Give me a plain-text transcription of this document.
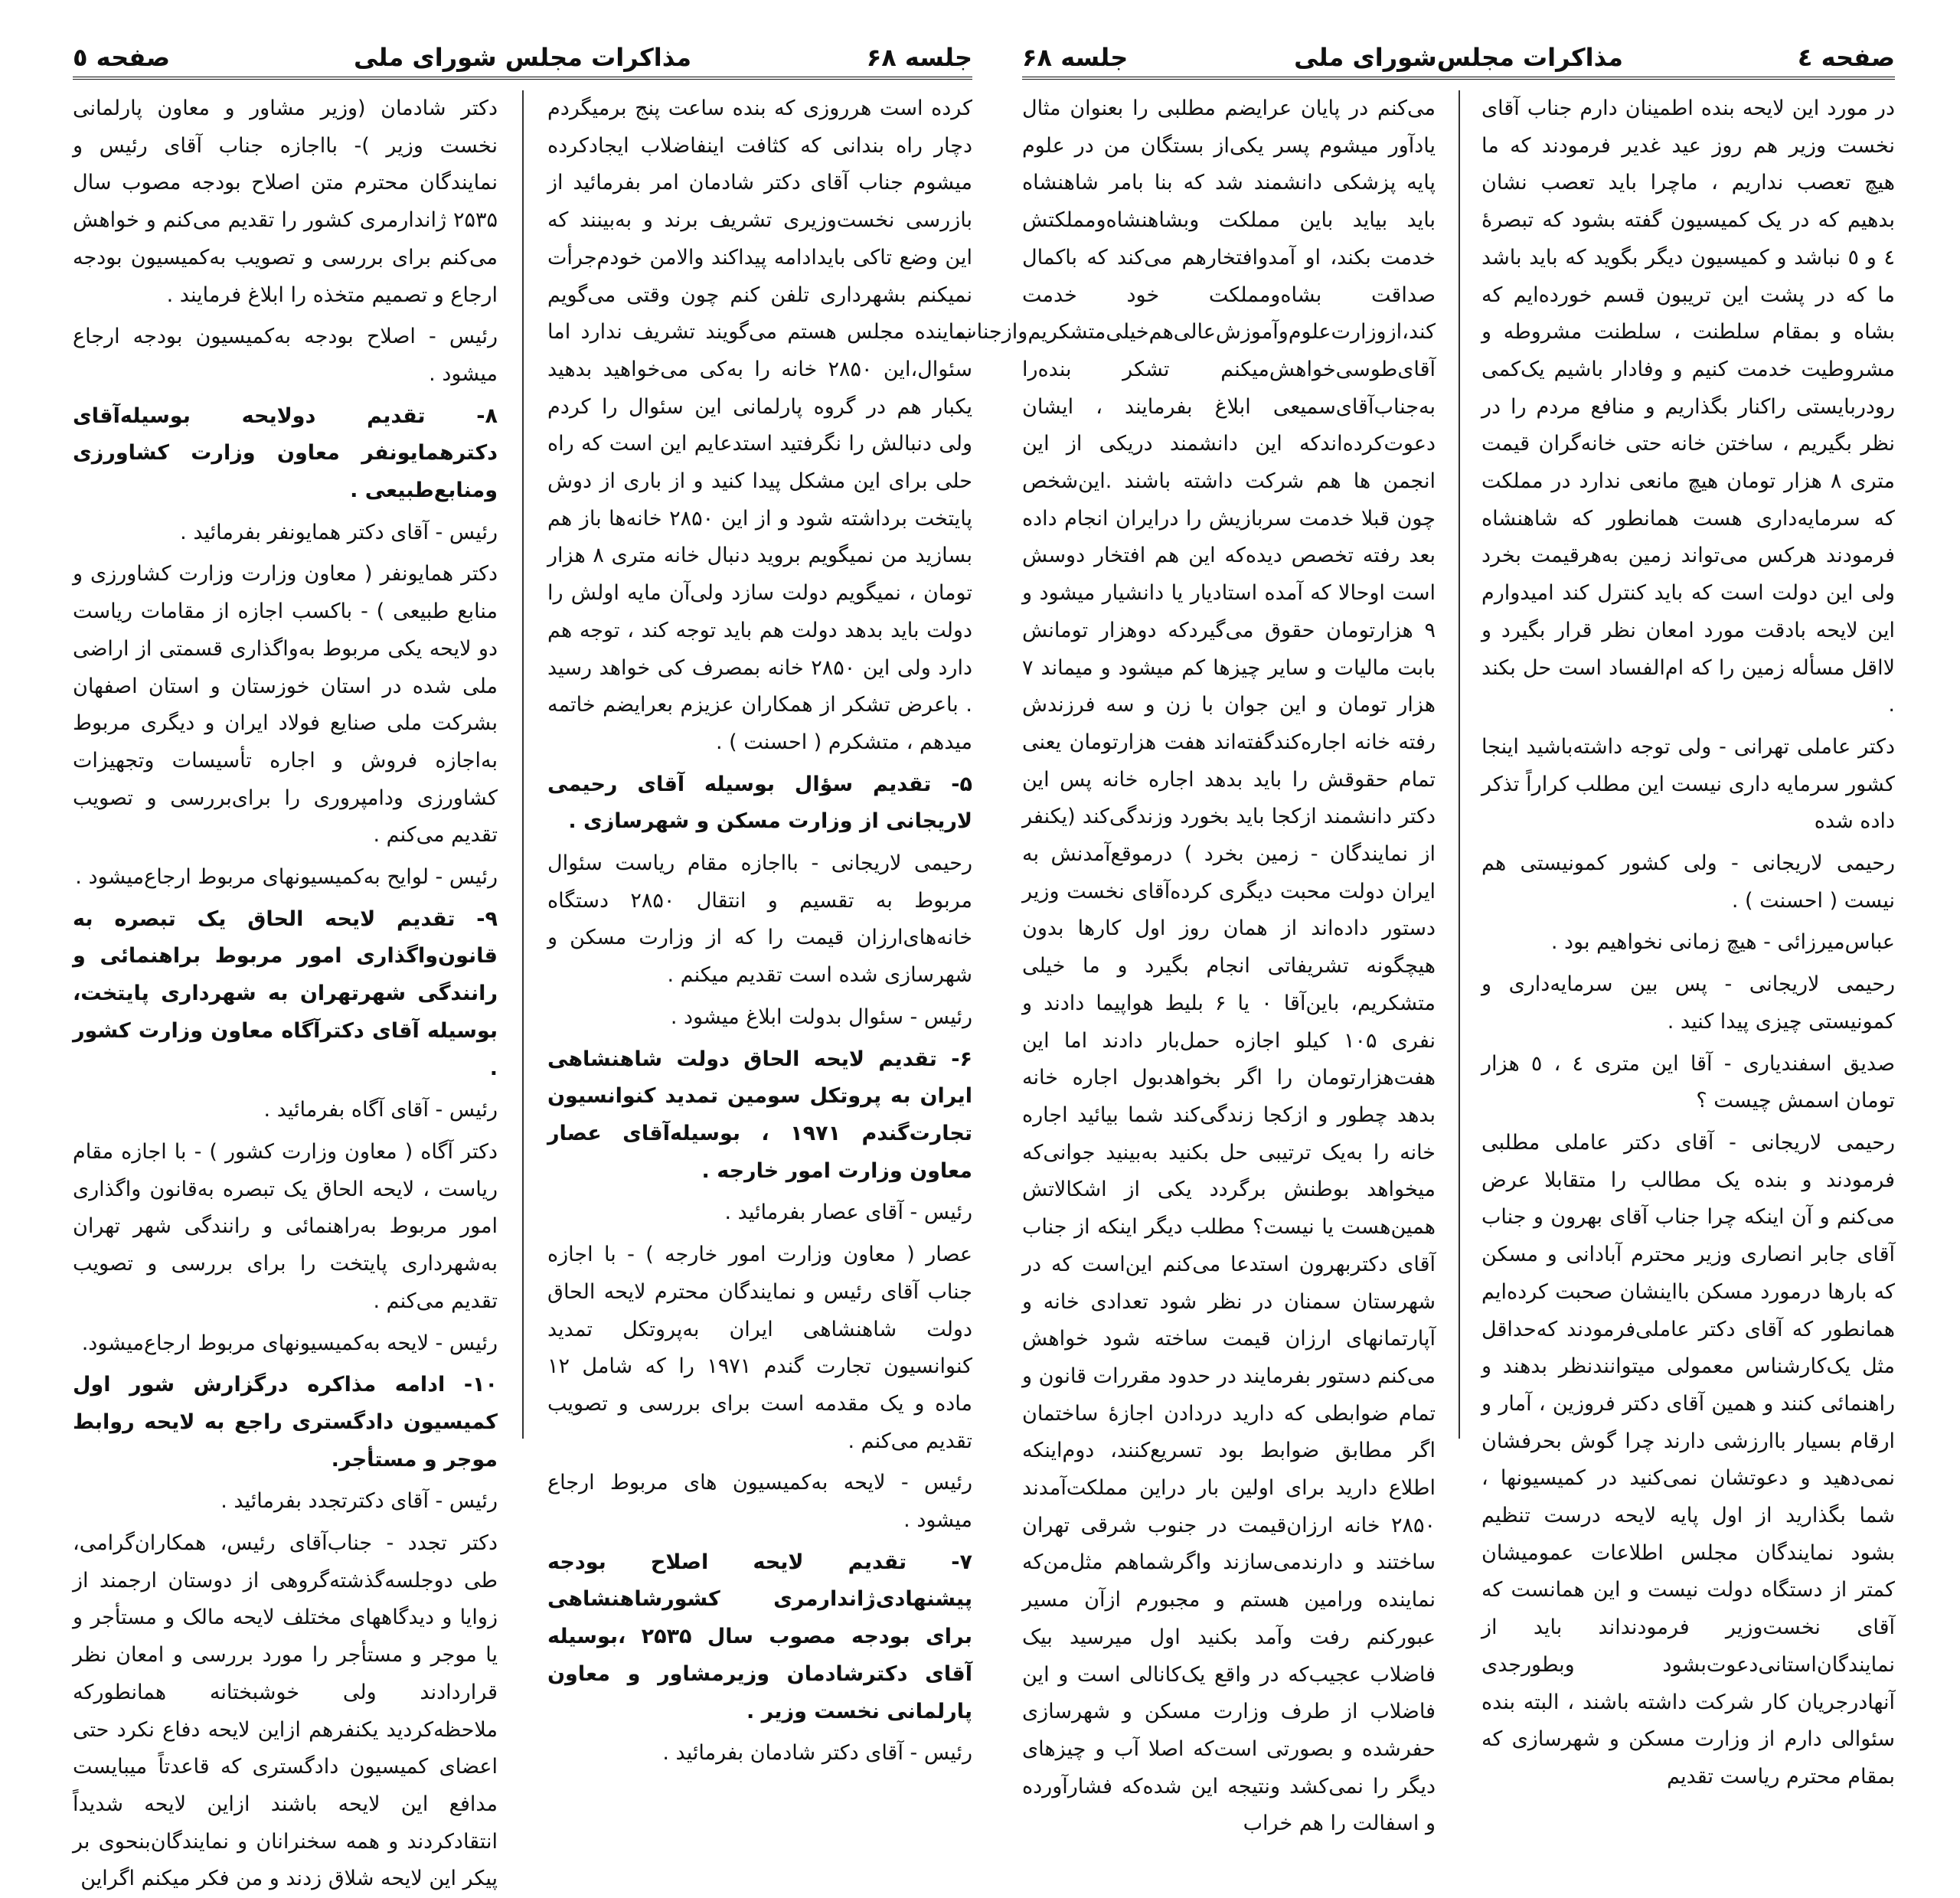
جلسه ۶۸
مذاکرات مجلس شورای ملی
صفحه ٥

کرده است هرروزی که بنده ساعت پنج برمیگردم دچار راه بندانی که کثافت اینفاضلاب ایجادکرده میشوم جناب آقای دکتر شادمان امر بفرمائید از بازرسی نخست‌وزیری تشریف برند و به‌بینند که این وضع تاکی بایدادامه پیداکند والامن خودم‌جرأت نمیکنم بشهرداری تلفن کنم چون وقتی می‌گویم نماینده مجلس هستم می‌گویند تشریف ندارد اما سئوال،این ۲۸۵۰ خانه را به‌کی می‌خواهید بدهید یکبار هم در گروه پارلمانی این سئوال را کردم ولی دنبالش را نگرفتید استدعایم این است که راه حلی برای این مشکل پیدا کنید و از باری از دوش پایتخت برداشته شود و از این ۲۸۵۰ خانه‌ها باز هم بسازید من نمیگویم بروید دنبال خانه متری ۸ هزار تومان ، نمیگویم دولت سازد ولی‌آن مایه اولش را دولت باید بدهد دولت هم باید توجه کند ، توجه هم دارد ولی این ۲۸۵۰ خانه بمصرف کی خواهد رسید . باعرض تشکر از همکاران عزیزم بعرایضم خاتمه میدهم ، متشکرم ( احسنت ) .

۵- تقدیم سؤال بوسیله آقای رحیمی لاریجانی از وزارت مسکن و شهرسازی .

رحیمی لاریجانی - بااجازه مقام ریاست سئوال مربوط به تقسیم و انتقال ۲۸۵۰ دستگاه خانه‌های‌ارزان قیمت را که از وزارت مسکن و شهرسازی شده است تقدیم میکنم .

رئیس - سئوال بدولت ابلاغ میشود .

۶- تقدیم لایحه الحاق دولت شاهنشاهی ایران به پروتکل سومین تمدید کنوانسیون تجارت‌گندم ۱۹۷۱ ، بوسیله‌آقای عصار معاون وزارت امور خارجه .

رئیس - آقای عصار بفرمائید .

عصار ( معاون وزارت امور خارجه ) - با اجازه جناب آقای رئیس و نمایندگان محترم لایحه الحاق دولت شاهنشاهی ایران به‌پروتکل تمدید کنوانسیون تجارت گندم ۱۹۷۱ را که شامل ۱۲ ماده و یک مقدمه است برای بررسی و تصویب تقدیم می‌کنم .

رئیس - لایحه به‌کمیسیون های مربوط ارجاع میشود .

۷- تقدیم لایحه اصلاح بودجه پیشنهادی‌ژاندارمری کشورشاهنشاهی برای بودجه مصوب سال ۲۵۳۵ ،بوسیله آقای دکترشادمان وزیرمشاور و معاون پارلمانی نخست وزیر .

رئیس - آقای دکتر شادمان بفرمائید .

دکتر شادمان (وزیر مشاور و معاون پارلمانی نخست وزیر )- بااجازه جناب آقای رئیس و نمایندگان محترم متن اصلاح بودجه مصوب سال ۲۵۳۵ ژاندارمری کشور را تقدیم می‌کنم و خواهش می‌کنم برای بررسی و تصویب به‌کمیسیون بودجه ارجاع و تصمیم متخذه را ابلاغ فرمایند .

رئیس - اصلاح بودجه به‌کمیسیون بودجه ارجاع میشود .

۸- تقدیم دولایحه بوسیله‌آقای دکترهمایونفر معاون وزارت کشاورزی ومنابع‌طبیعی .

رئیس - آقای دکتر همایونفر بفرمائید .

دکتر همایونفر ( معاون وزارت وزارت کشاورزی و منابع طبیعی ) - باکسب اجازه از مقامات ریاست دو لایحه یکی مربوط به‌واگذاری قسمتی از اراضی ملی شده در استان خوزستان و استان اصفهان بشرکت ملی صنایع فولاد ایران و دیگری مربوط به‌اجازه فروش و اجاره تأسیسات وتجهیزات کشاورزی ودامپروری را برای‌بررسی و تصویب تقدیم می‌کنم .

رئیس - لوایح به‌کمیسیونهای مربوط ارجاع‌میشود .

۹- تقدیم لایحه الحاق یک تبصره به قانون‌واگذاری امور مربوط براهنمائی و رانندگی شهرتهران به شهرداری پایتخت، بوسیله آقای دکترآگاه معاون وزارت کشور .

رئیس - آقای آگاه بفرمائید .

دکتر آگاه ( معاون وزارت کشور ) - با اجازه مقام ریاست ، لایحه الحاق یک تبصره به‌قانون واگذاری امور مربوط به‌راهنمائی و رانندگی شهر تهران به‌شهرداری پایتخت را برای بررسی و تصویب تقدیم می‌کنم .

رئیس - لایحه به‌کمیسیونهای مربوط ارجاع‌میشود.

۱۰- ادامه مذاکره درگزارش شور اول کمیسیون دادگستری راجع به لایحه روابط موجر و مستأجر.

رئیس - آقای دکترتجدد بفرمائید .

دکتر تجدد - جناب‌آقای رئیس، همکاران‌گرامی، طی دوجلسه‌گذشته‌گروهی از دوستان ارجمند از زوایا و دیدگاههای مختلف لایحه مالک و مستأجر و یا موجر و مستأجر را مورد بررسی و امعان نظر قراردادند ولی خوشبختانه همانطورکه ملاحظه‌کردید یکنفرهم ازاین لایحه دفاع نکرد حتی اعضای کمیسیون دادگستری که قاعدتاً میبایست مدافع این لایحه باشند ازاین لایحه شدیداً انتقادکردند و همه سخنرانان و نمایندگان‌بنحوی بر پیکر این لایحه شلاق زدند و من فکر میکنم اگراین

صفحه ٤
مذاکرات مجلس‌شورای ملی
جلسه ۶۸

در مورد این لایحه بنده اطمینان دارم جناب آقای نخست وزیر هم روز عید غدیر فرمودند که ما هیچ تعصب نداریم ، ماچرا باید تعصب نشان بدهیم که در یک کمیسیون گفته بشود که تبصرهٔ ٤ و ٥ نباشد و کمیسیون دیگر بگوید که باید باشد ما که در پشت این تریبون قسم خورده‌ایم که بشاه و بمقام سلطنت ، سلطنت مشروطه و مشروطیت خدمت کنیم و وفادار باشیم یک‌کمی رودربایستی راکنار بگذاریم و منافع مردم را در نظر بگیریم ، ساختن خانه حتی خانه‌گران قیمت متری ۸ هزار تومان هیچ مانعی ندارد در مملکت که سرمایه‌داری هست همانطور که شاهنشاه فرمودند هرکس می‌تواند زمین به‌هرقیمت بخرد ولی این دولت است که باید کنترل کند امیدوارم این لایحه بادقت مورد امعان نظر قرار بگیرد و لااقل مسأله زمین را که ام‌الفساد است حل بکند .

دکتر عاملی تهرانی - ولی توجه داشته‌باشید اینجا کشور سرمایه داری نیست این مطلب کراراً تذکر داده شده

رحیمی لاریجانی - ولی کشور کمونیستی هم نیست ( احسنت ) .

عباس‌میرزائی - هیچ زمانی نخواهیم بود .

رحیمی لاریجانی - پس بین سرمایه‌داری و کمونیستی چیزی پیدا کنید .

صدیق اسفندیاری - آقا این متری ٤ ، ٥ هزار تومان اسمش چیست ؟

رحیمی لاریجانی - آقای دکتر عاملی مطلبی فرمودند و بنده یک مطالب را متقابلا عرض می‌کنم و آن اینکه چرا جناب آقای بهرون و جناب آقای جابر انصاری وزیر محترم آبادانی و مسکن که بارها درمورد مسکن بااینشان صحبت کرده‌ایم همانطور که آقای دکتر عاملی‌فرمودند که‌حداقل مثل یک‌کارشناس معمولی میتوانندنظر بدهند و راهنمائی کنند و همین آقای دکتر فروزین ، آمار و ارقام بسیار باارزشی دارند چرا گوش بحرفشان نمی‌دهید و دعوتشان نمی‌کنید در کمیسیونها ، شما بگذارید از اول پایه لایحه درست تنظیم بشود نمایندگان مجلس اطلاعات عمومیشان کمتر از دستگاه دولت نیست و این همانست که آقای نخست‌وزیر فرمودنداند باید از نمایندگان‌استانی‌دعوت‌بشود وبطورجدی آنهادرجریان کار شرکت داشته باشند ، البته بنده سئوالی دارم از وزارت مسکن و شهرسازی که بمقام محترم ریاست تقدیم

می‌کنم در پایان عرایضم مطلبی را بعنوان مثال یادآور میشوم پسر یکی‌از بستگان من در علوم پایه پزشکی دانشمند شد که بنا بامر شاهنشاه باید بیاید باین مملکت وبشاهنشاه‌ومملکتش خدمت بکند، او آمد‌وافتخارهم می‌کند که باکمال صداقت بشاه‌ومملکت خود خدمت کند،ازوزارت‌علوم‌وآموزش‌عالی‌هم‌خیلی‌متشکریم‌وازجناب آقای‌طوسی‌خواهش‌میکنم تشکر بنده‌را به‌جناب‌آقای‌سمیعی ابلاغ بفرمایند ، ایشان دعوت‌کرده‌اندکه این دانشمند دریکی از این انجمن ها هم شرکت داشته باشند .این‌شخص چون قبلا خدمت سربازیش را درایران انجام داده بعد رفته تخصص دیده‌که این هم افتخار دوسش است اوحالا که آمده استادیار یا دانشیار میشود و ۹ هزارتومان حقوق می‌گیرد‌که دوهزار تومانش بابت مالیات و سایر چیزها کم میشود و میماند ۷ هزار تومان و این جوان با زن و سه فرزندش رفته خانه اجاره‌کند‌گفته‌اند هفت هزارتومان یعنی تمام حقوقش را باید بدهد اجاره خانه پس این دکتر دانشمند ازکجا باید بخورد وزندگی‌کند (یکنفر از نمایندگان - زمین بخرد ) درموقع‌آمدنش به ایران دولت محبت دیگری کرده‌آقای نخست وزیر دستور داده‌اند از همان روز اول کارها بدون هیچگونه تشریفاتی انجام بگیرد و ما خیلی متشکریم، باین‌آقا ۰ یا ۶ بلیط هواپیما دادند و نفری ۱۰۵ کیلو اجازه حمل‌بار دادند اما این هفت‌هزارتومان را اگر بخواهدبول اجاره خانه بدهد چطور و ازکجا زندگی‌کند شما بیائید اجاره خانه را به‌یک ترتیبی حل بکنید به‌بینید جوانی‌که میخواهد بوطنش برگردد یکی از اشکالاتش همین‌هست یا نیست؟ مطلب دیگر اینکه از جناب آقای دکتربهرون استدعا می‌کنم این‌است که در شهرستان سمنان در نظر شود تعدادی خانه و آپارتمانهای ارزان قیمت ساخته شود خواهش می‌کنم دستور بفرمایند در حدود مقررات قانون و تمام ضوابطی که دارید دردادن اجازهٔ ساختمان اگر مطابق ضوابط بود تسریع‌کنند، دوم‌اینکه اطلاع دارید برای اولین بار دراین مملکت‌آمدند ۲۸۵۰ خانه ارزان‌قیمت در جنوب شرقی تهران ساختند و دارندمی‌سازند واگرشماهم مثل‌من‌که نماینده ورامین هستم و مجبورم ازآن مسیر عبورکنم رفت وآمد بکنید اول میرسید بیک فاضلاب عجیب‌که در واقع یک‌کانالی است و این فاضلاب از طرف وزارت مسکن و شهرسازی حفرشده و بصورتی است‌که اصلا آب و چیزهای دیگر را نمی‌کشد ونتیجه این شده‌که فشارآورده و اسفالت را هم خراب
